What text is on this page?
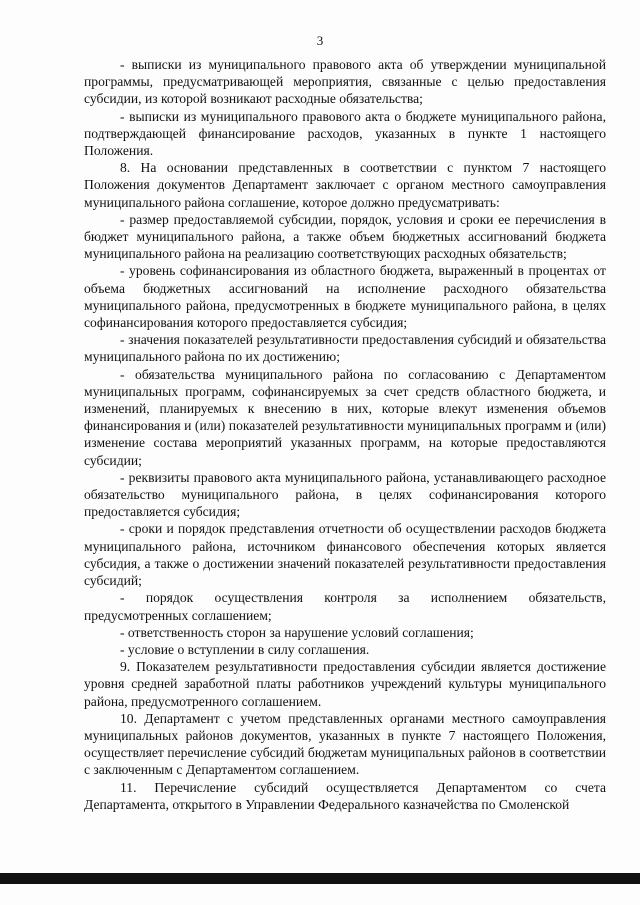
3

- выписки из муниципального правового акта об утверждении муниципальной программы, предусматривающей мероприятия, связанные с целью предоставления субсидии, из которой возникают расходные обязательства;

- выписки из муниципального правового акта о бюджете муниципального района, подтверждающей финансирование расходов, указанных в пункте 1 настоящего Положения.

8. На основании представленных в соответствии с пунктом 7 настоящего Положения документов Департамент заключает с органом местного самоуправления муниципального района соглашение, которое должно предусматривать:

- размер предоставляемой субсидии, порядок, условия и сроки ее перечисления в бюджет муниципального района, а также объем бюджетных ассигнований бюджета муниципального района на реализацию соответствующих расходных обязательств;

- уровень софинансирования из областного бюджета, выраженный в процентах от объема бюджетных ассигнований на исполнение расходного обязательства муниципального района, предусмотренных в бюджете муниципального района, в целях софинансирования которого предоставляется субсидия;

- значения показателей результативности предоставления субсидий и обязательства муниципального района по их достижению;

- обязательства муниципального района по согласованию с Департаментом муниципальных программ, софинансируемых за счет средств областного бюджета, и изменений, планируемых к внесению в них, которые влекут изменения объемов финансирования и (или) показателей результативности муниципальных программ и (или) изменение состава мероприятий указанных программ, на которые предоставляются субсидии;

- реквизиты правового акта муниципального района, устанавливающего расходное обязательство муниципального района, в целях софинансирования которого предоставляется субсидия;

- сроки и порядок представления отчетности об осуществлении расходов бюджета муниципального района, источником финансового обеспечения которых является субсидия, а также о достижении значений показателей результативности предоставления субсидий;

- порядок осуществления контроля за исполнением обязательств, предусмотренных соглашением;

- ответственность сторон за нарушение условий соглашения;

- условие о вступлении в силу соглашения.

9. Показателем результативности предоставления субсидии является достижение уровня средней заработной платы работников учреждений культуры муниципального района, предусмотренного соглашением.

10. Департамент с учетом представленных органами местного самоуправления муниципальных районов документов, указанных в пункте 7 настоящего Положения, осуществляет перечисление субсидий бюджетам муниципальных районов в соответствии с заключенным с Департаментом соглашением.

11. Перечисление субсидий осуществляется Департаментом со счета Департамента, открытого в Управлении Федерального казначейства по Смоленской
